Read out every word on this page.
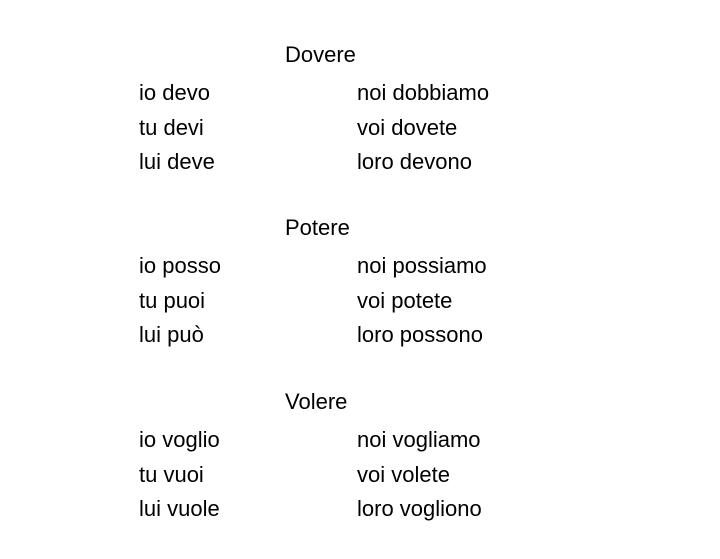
Dovere
io devo
tu devi
lui deve
noi dobbiamo
voi dovete
loro devono
Potere
io posso
tu puoi
lui può
noi possiamo
voi potete
loro possono
Volere
io voglio
tu vuoi
lui vuole
noi vogliamo
voi volete
loro vogliono
